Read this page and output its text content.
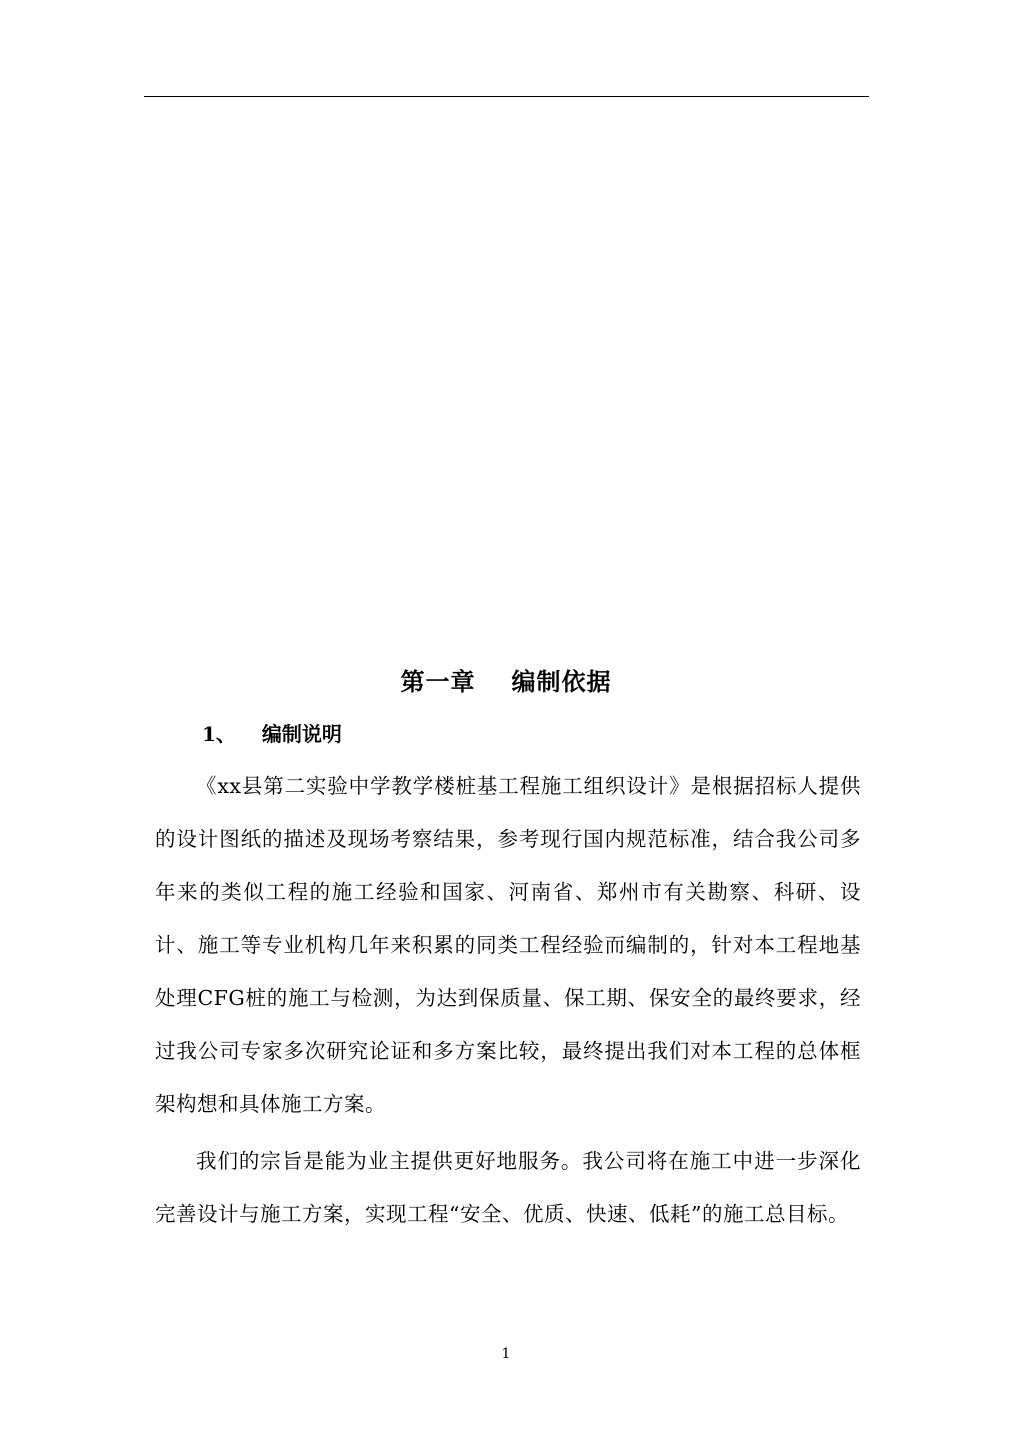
第一章 编制依据
1、 编制说明

《xx县第二实验中学教学楼桩基工程施工组织设计》是根据招标人提供的设计图纸的描述及现场考察结果，参考现行国内规范标准，结合我公司多年来的类似工程的施工经验和国家、河南省、郑州市有关勘察、科研、设计、施工等专业机构几年来积累的同类工程经验而编制的，针对本工程地基处理CFG桩的施工与检测，为达到保质量、保工期、保安全的最终要求，经过我公司专家多次研究论证和多方案比较，最终提出我们对本工程的总体框架构想和具体施工方案。

我们的宗旨是能为业主提供更好地服务。我公司将在施工中进一步深化完善设计与施工方案，实现工程“安全、优质、快速、低耗”的施工总目标。

1
